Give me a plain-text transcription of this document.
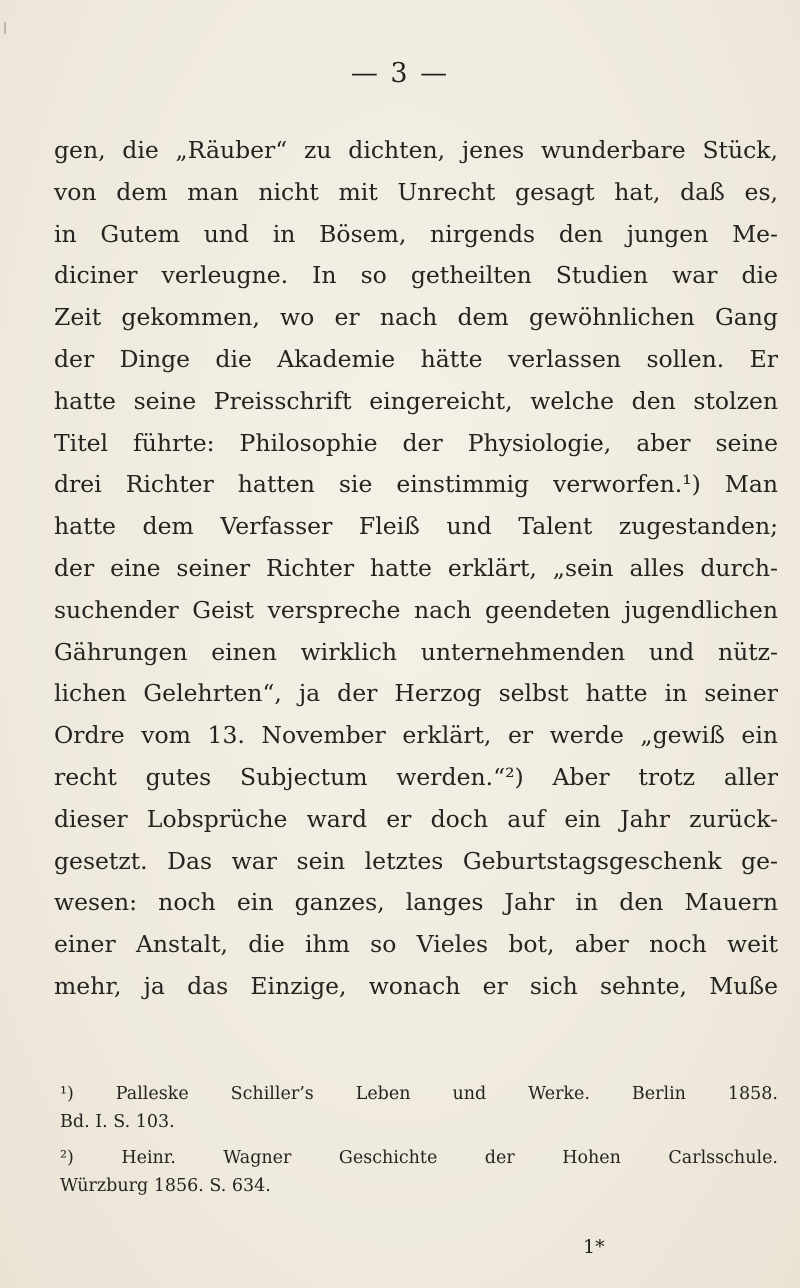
— 3 —
gen, die „Räuber“ zu dichten, jenes wunderbare Stück,
von dem man nicht mit Unrecht gesagt hat, daß es,
in Gutem und in Bösem, nirgends den jungen Me-
diciner verleugne. In so getheilten Studien war die
Zeit gekommen, wo er nach dem gewöhnlichen Gang
der Dinge die Akademie hätte verlassen sollen. Er
hatte seine Preisschrift eingereicht, welche den stolzen
Titel führte: Philosophie der Physiologie, aber seine
drei Richter hatten sie einstimmig verworfen.¹) Man
hatte dem Verfasser Fleiß und Talent zugestanden;
der eine seiner Richter hatte erklärt, „sein alles durch-
suchender Geist verspreche nach geendeten jugendlichen
Gährungen einen wirklich unternehmenden und nütz-
lichen Gelehrten“, ja der Herzog selbst hatte in seiner
Ordre vom 13. November erklärt, er werde „gewiß ein
recht gutes Subjectum werden.“²) Aber trotz aller
dieser Lobsprüche ward er doch auf ein Jahr zurück-
gesetzt. Das war sein letztes Geburtstagsgeschenk ge-
wesen: noch ein ganzes, langes Jahr in den Mauern
einer Anstalt, die ihm so Vieles bot, aber noch weit
mehr, ja das Einzige, wonach er sich sehnte, Muße
¹) Palleske Schiller’s Leben und Werke. Berlin 1858.
Bd. I. S. 103.
²) Heinr. Wagner Geschichte der Hohen Carlsschule.
Würzburg 1856. S. 634.
1*
